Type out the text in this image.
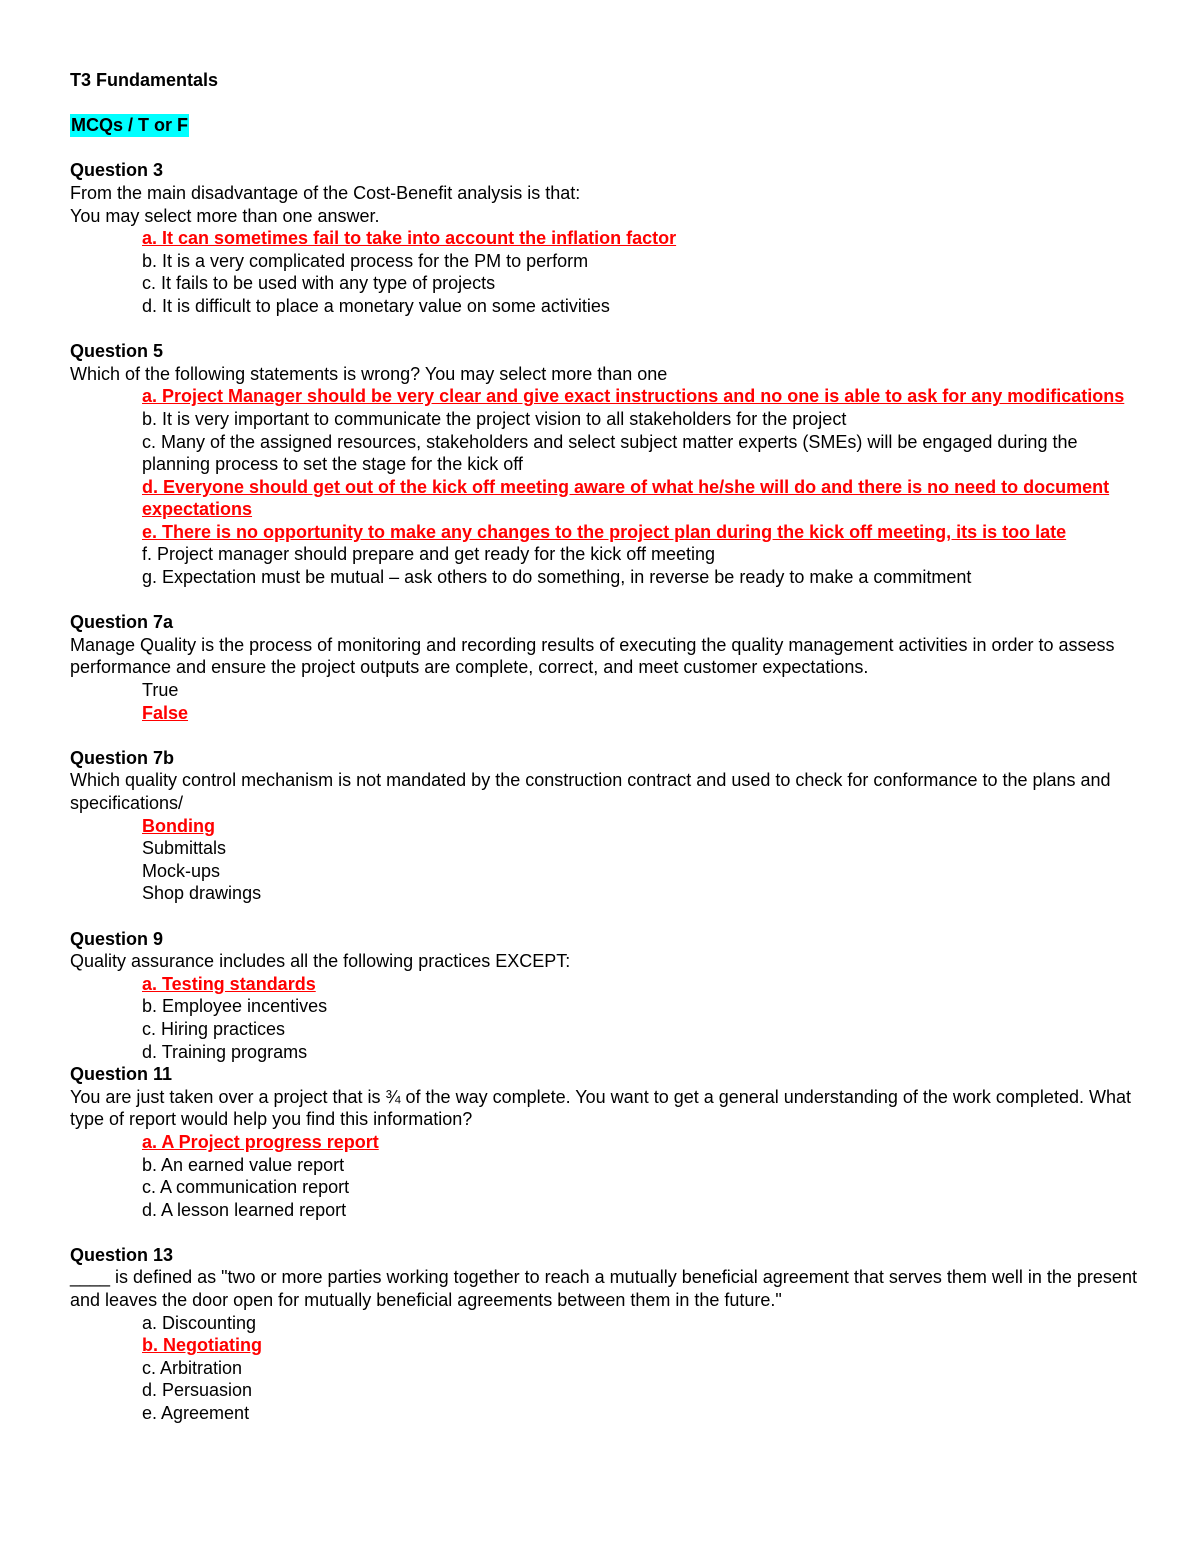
T3 Fundamentals
MCQs / T or F
Question 3
From the main disadvantage of the Cost-Benefit analysis is that:
You may select more than one answer.
a. It can sometimes fail to take into account the inflation factor
b. It is a very complicated process for the PM to perform
c. It fails to be used with any type of projects
d. It is difficult to place a monetary value on some activities
Question 5
Which of the following statements is wrong? You may select more than one
a. Project Manager should be very clear and give exact instructions and no one is able to ask for any modifications
b. It is very important to communicate the project vision to all stakeholders for the project
c. Many of the assigned resources, stakeholders and select subject matter experts (SMEs) will be engaged during the planning process to set the stage for the kick off
d. Everyone should get out of the kick off meeting aware of what he/she will do and there is no need to document expectations
e. There is no opportunity to make any changes to the project plan during the kick off meeting, its is too late
f. Project manager should prepare and get ready for the kick off meeting
g. Expectation must be mutual – ask others to do something, in reverse be ready to make a commitment
Question 7a
Manage Quality is the process of monitoring and recording results of executing the quality management activities in order to assess performance and ensure the project outputs are complete, correct, and meet customer expectations.
True
False
Question 7b
Which quality control mechanism is not mandated by the construction contract and used to check for conformance to the plans and specifications/
Bonding
Submittals
Mock-ups
Shop drawings
Question 9
Quality assurance includes all the following practices EXCEPT:
a. Testing standards
b. Employee incentives
c. Hiring practices
d. Training programs
Question 11
You are just taken over a project that is ¾ of the way complete. You want to get a general understanding of the work completed. What type of report would help you find this information?
a. A Project progress report
b. An earned value report
c. A communication report
d. A lesson learned report
Question 13
____ is defined as "two or more parties working together to reach a mutually beneficial agreement that serves them well in the present and leaves the door open for mutually beneficial agreements between them in the future."
a. Discounting
b. Negotiating
c. Arbitration
d. Persuasion
e. Agreement
